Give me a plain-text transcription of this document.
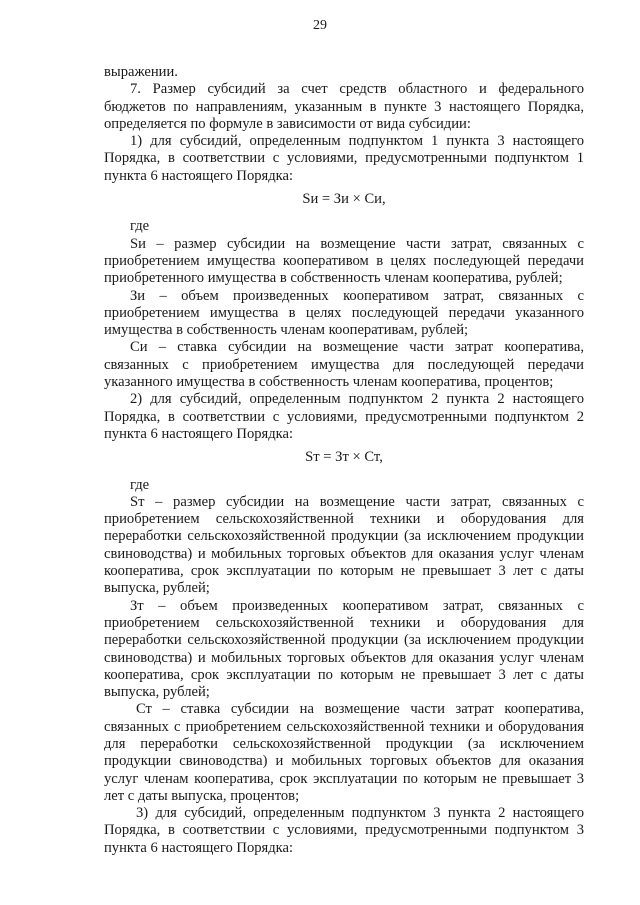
29

выражении.

7. Размер субсидий за счет средств областного и федерального бюджетов по направлениям, указанным в пункте 3 настоящего Порядка, определяется по формуле в зависимости от вида субсидии:

1) для субсидий, определенным подпунктом 1 пункта 3 настоящего Порядка, в соответствии с условиями, предусмотренными подпунктом 1 пункта 6 настоящего Порядка:

Sи = Зи × Си,

где

Sи – размер субсидии на возмещение части затрат, связанных с приобретением имущества кооперативом в целях последующей передачи приобретенного имущества в собственность членам кооператива, рублей;

Зи – объем произведенных кооперативом затрат, связанных с приобретением имущества в целях последующей передачи указанного имущества в собственность членам кооперативам, рублей;

Си – ставка субсидии на возмещение части затрат кооператива, связанных с приобретением имущества для последующей передачи указанного имущества в собственность членам кооператива, процентов;

2) для субсидий, определенным подпунктом 2 пункта 2 настоящего Порядка, в соответствии с условиями, предусмотренными подпунктом 2 пункта 6 настоящего Порядка:

Sт = Зт × Ст,

где

Sт – размер субсидии на возмещение части затрат, связанных с приобретением сельскохозяйственной техники и оборудования для переработки сельскохозяйственной продукции (за исключением продукции свиноводства) и мобильных торговых объектов для оказания услуг членам кооператива, срок эксплуатации по которым не превышает 3 лет с даты выпуска, рублей;

Зт – объем произведенных кооперативом затрат, связанных с приобретением сельскохозяйственной техники и оборудования для переработки сельскохозяйственной продукции (за исключением продукции свиноводства) и мобильных торговых объектов для оказания услуг членам кооператива, срок эксплуатации по которым не превышает 3 лет с даты выпуска, рублей;

Ст – ставка субсидии на возмещение части затрат кооператива, связанных с приобретением сельскохозяйственной техники и оборудования для переработки сельскохозяйственной продукции (за исключением продукции свиноводства) и мобильных торговых объектов для оказания услуг членам кооператива, срок эксплуатации по которым не превышает 3 лет с даты выпуска, процентов;

3) для субсидий, определенным подпунктом 3 пункта 2 настоящего Порядка, в соответствии с условиями, предусмотренными подпунктом 3 пункта 6 настоящего Порядка:
